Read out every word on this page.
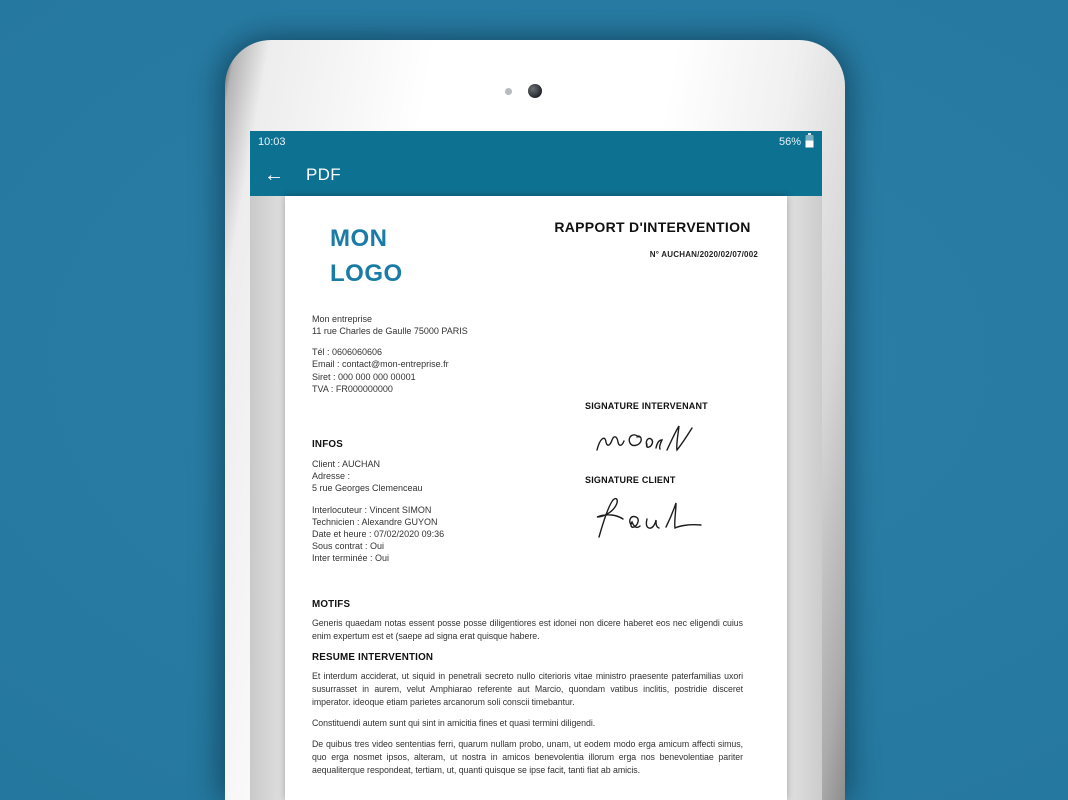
10:03	56%
← PDF
MON
LOGO
RAPPORT D'INTERVENTION
N° AUCHAN/2020/02/07/002
Mon entreprise
11 rue Charles de Gaulle 75000 PARIS
Tél : 0606060606
Email : contact@mon-entreprise.fr
Siret : 000 000 000 00001
TVA : FR000000000
SIGNATURE INTERVENANT
SIGNATURE CLIENT
INFOS
Client : AUCHAN
Adresse :
5 rue Georges Clemenceau
Interlocuteur : Vincent SIMON
Technicien : Alexandre GUYON
Date et heure : 07/02/2020 09:36
Sous contrat : Oui
Inter terminée : Oui
MOTIFS

Generis quaedam notas essent posse posse diligentiores est idonei non dicere haberet eos nec eligendi cuius enim expertum est et (saepe ad signa erat quisque habere.

RESUME INTERVENTION

Et interdum acciderat, ut siquid in penetrali secreto nullo citerioris vitae ministro praesente paterfamilias uxori susurrasset in aurem, velut Amphiarao referente aut Marcio, quondam vatibus inclitis, postridie disceret imperator. ideoque etiam parietes arcanorum soli conscii timebantur.

Constituendi autem sunt qui sint in amicitia fines et quasi termini diligendi.

De quibus tres video sententias ferri, quarum nullam probo, unam, ut eodem modo erga amicum affecti simus, quo erga nosmet ipsos, alteram, ut nostra in amicos benevolentia illorum erga nos benevolentiae pariter aequaliterque respondeat, tertiam, ut, quanti quisque se ipse facit, tanti fiat ab amicis.
